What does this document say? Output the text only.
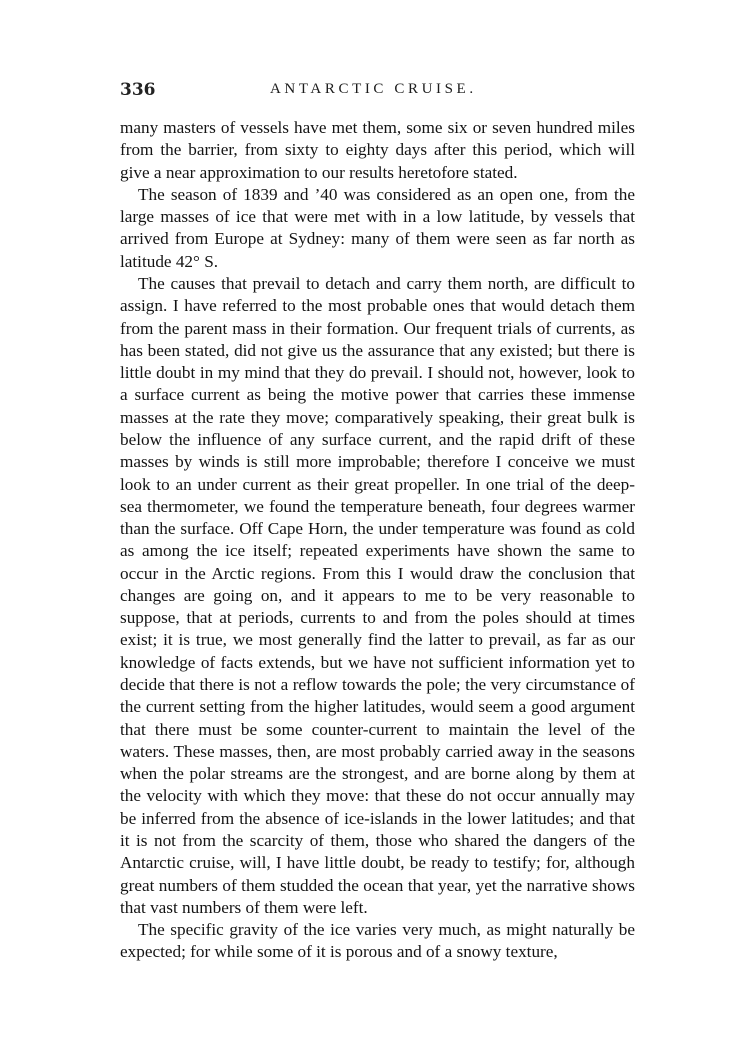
336	ANTARCTIC CRUISE.

many masters of vessels have met them, some six or seven hundred miles from the barrier, from sixty to eighty days after this period, which will give a near approximation to our results heretofore stated.

The season of 1839 and ’40 was considered as an open one, from the large masses of ice that were met with in a low latitude, by vessels that arrived from Europe at Sydney: many of them were seen as far north as latitude 42° S.

The causes that prevail to detach and carry them north, are difficult to assign. I have referred to the most probable ones that would detach them from the parent mass in their formation. Our frequent trials of currents, as has been stated, did not give us the assurance that any existed; but there is little doubt in my mind that they do prevail. I should not, however, look to a surface current as being the motive power that carries these immense masses at the rate they move; comparatively speaking, their great bulk is below the influence of any surface current, and the rapid drift of these masses by winds is still more improbable; therefore I conceive we must look to an under current as their great propeller. In one trial of the deep-sea thermometer, we found the temperature beneath, four degrees warmer than the surface. Off Cape Horn, the under temperature was found as cold as among the ice itself; repeated experiments have shown the same to occur in the Arctic regions. From this I would draw the conclusion that changes are going on, and it appears to me to be very reasonable to suppose, that at periods, currents to and from the poles should at times exist; it is true, we most generally find the latter to prevail, as far as our knowledge of facts extends, but we have not sufficient information yet to decide that there is not a reflow towards the pole; the very circumstance of the current setting from the higher latitudes, would seem a good argument that there must be some counter-current to maintain the level of the waters. These masses, then, are most probably carried away in the seasons when the polar streams are the strongest, and are borne along by them at the velocity with which they move: that these do not occur annually may be inferred from the absence of ice-islands in the lower latitudes; and that it is not from the scarcity of them, those who shared the dangers of the Antarctic cruise, will, I have little doubt, be ready to testify; for, although great numbers of them studded the ocean that year, yet the narrative shows that vast numbers of them were left.

The specific gravity of the ice varies very much, as might naturally be expected; for while some of it is porous and of a snowy texture,
